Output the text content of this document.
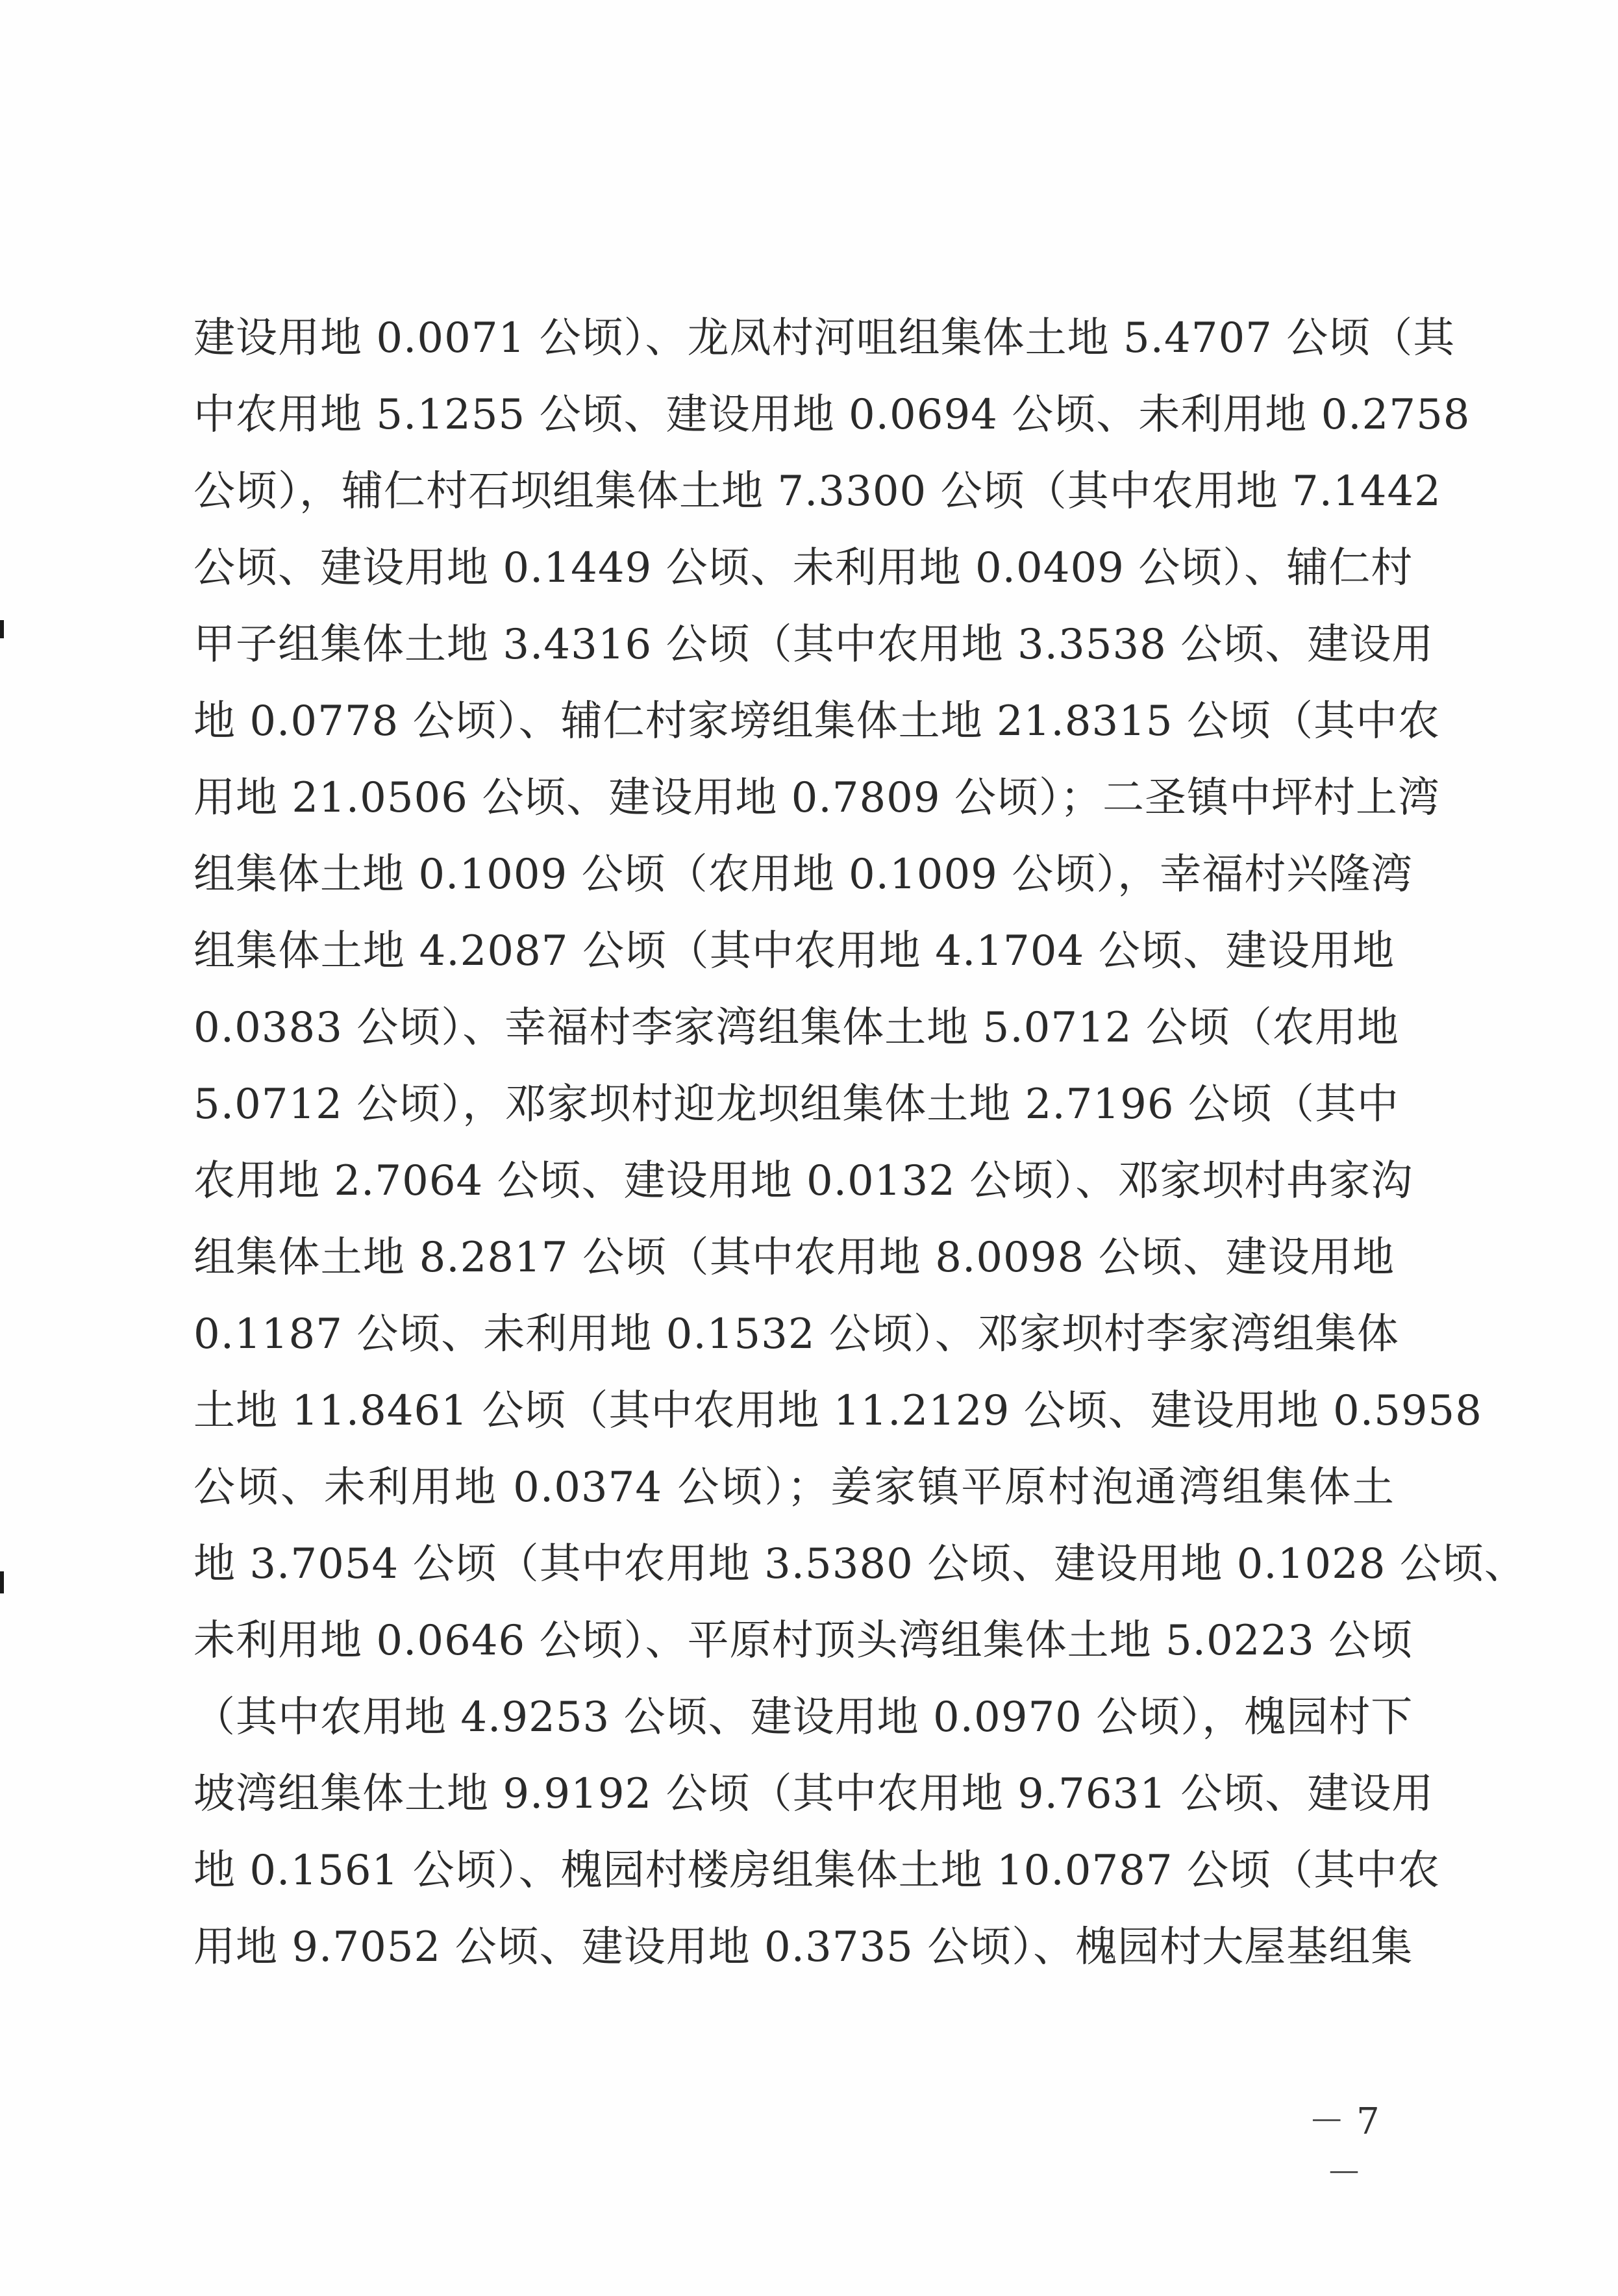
建设用地 0.0071 公顷）、龙凤村河咀组集体土地 5.4707 公顷（其
中农用地 5.1255 公顷、建设用地 0.0694 公顷、未利用地 0.2758
公顷），辅仁村石坝组集体土地 7.3300 公顷（其中农用地 7.1442
公顷、建设用地 0.1449 公顷、未利用地 0.0409 公顷）、辅仁村
甲子组集体土地 3.4316 公顷（其中农用地 3.3538 公顷、建设用
地 0.0778 公顷）、辅仁村家塝组集体土地 21.8315 公顷（其中农
用地 21.0506 公顷、建设用地 0.7809 公顷）；二圣镇中坪村上湾
组集体土地 0.1009 公顷（农用地 0.1009 公顷），幸福村兴隆湾
组集体土地 4.2087 公顷（其中农用地 4.1704 公顷、建设用地
0.0383 公顷）、幸福村李家湾组集体土地 5.0712 公顷（农用地
5.0712 公顷），邓家坝村迎龙坝组集体土地 2.7196 公顷（其中
农用地 2.7064 公顷、建设用地 0.0132 公顷）、邓家坝村冉家沟
组集体土地 8.2817 公顷（其中农用地 8.0098 公顷、建设用地
0.1187 公顷、未利用地 0.1532 公顷）、邓家坝村李家湾组集体
土地 11.8461 公顷（其中农用地 11.2129 公顷、建设用地 0.5958
公顷、未利用地 0.0374 公顷）；姜家镇平原村泡通湾组集体土
地 3.7054 公顷（其中农用地 3.5380 公顷、建设用地 0.1028 公顷、
未利用地 0.0646 公顷）、平原村顶头湾组集体土地 5.0223 公顷
（其中农用地 4.9253 公顷、建设用地 0.0970 公顷），槐园村下
坡湾组集体土地 9.9192 公顷（其中农用地 9.7631 公顷、建设用
地 0.1561 公顷）、槐园村楼房组集体土地 10.0787 公顷（其中农
用地 9.7052 公顷、建设用地 0.3735 公顷）、槐园村大屋基组集
－ 7 －
